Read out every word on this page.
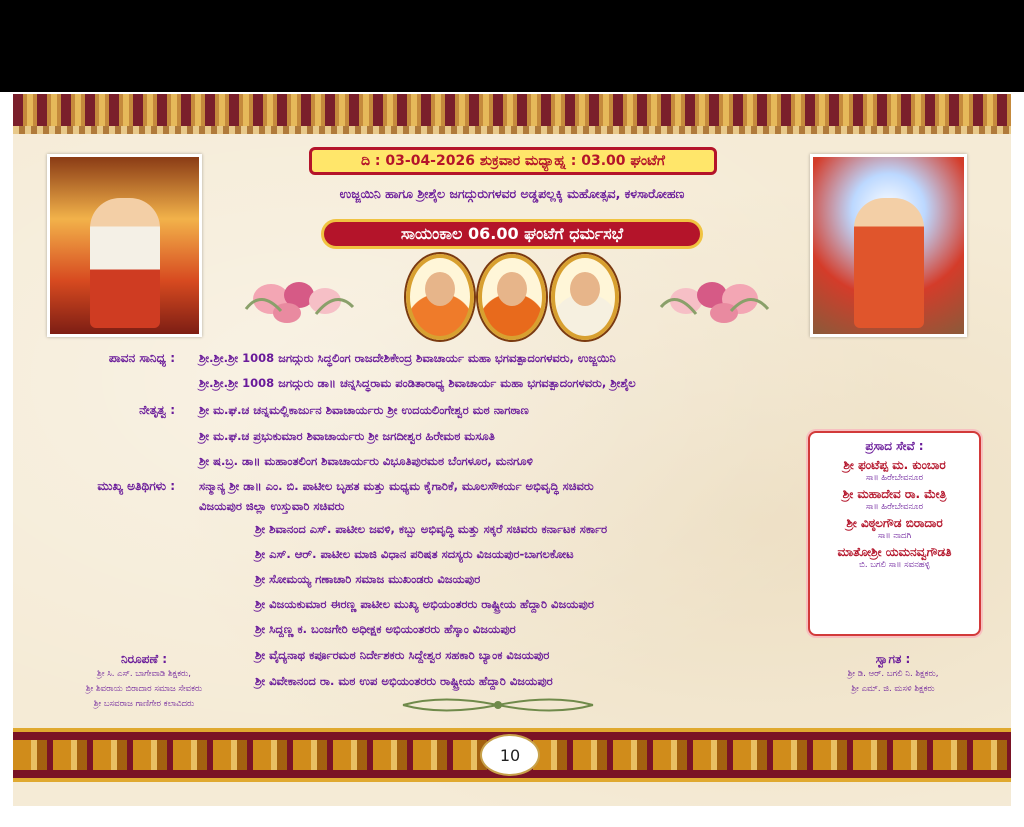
ದಿ : 03-04-2026 ಶುಕ್ರವಾರ ಮಧ್ಯಾಹ್ನ : 03.00 ಘಂಟೆಗೆ
ಉಜ್ಜಯಿನಿ ಹಾಗೂ ಶ್ರೀಶೈಲ ಜಗದ್ಗುರುಗಳವರ ಅಡ್ಡಪಲ್ಲಕ್ಕಿ ಮಹೋತ್ಸವ, ಕಳಸಾರೋಹಣ
ಸಾಯಂಕಾಲ 06.00 ಘಂಟೆಗೆ ಧರ್ಮಸಭೆ
ಪಾವನ ಸಾನಿಧ್ಯ : ಶ್ರೀ.ಶ್ರೀ.ಶ್ರೀ 1008 ಜಗದ್ಗುರು ಸಿದ್ಧಲಿಂಗ ರಾಜದೇಶಿಕೇಂದ್ರ ಶಿವಾಚಾರ್ಯ ಮಹಾ ಭಗವತ್ಪಾದಂಗಳವರು, ಉಜ್ಜಯಿನಿ
ಶ್ರೀ.ಶ್ರೀ.ಶ್ರೀ 1008 ಜಗದ್ಗುರು ಡಾ॥ ಚನ್ನಸಿದ್ಧರಾಮ ಪಂಡಿತಾರಾಧ್ಯ ಶಿವಾಚಾರ್ಯ ಮಹಾ ಭಗವತ್ಪಾದಂಗಳವರು, ಶ್ರೀಶೈಲ
ನೇತೃತ್ವ : ಶ್ರೀ ಮ.ಘ.ಚ ಚನ್ನಮಲ್ಲಿಕಾರ್ಜುನ ಶಿವಾಚಾರ್ಯರು ಶ್ರೀ ಉದಯಲಿಂಗೇಶ್ವರ ಮಠ ನಾಗಠಾಣ
ಶ್ರೀ ಮ.ಘ.ಚ ಪ್ರಭುಕುಮಾರ ಶಿವಾಚಾರ್ಯರು ಶ್ರೀ ಜಗದೀಶ್ವರ ಹಿರೇಮಠ ಮಸೂತಿ
ಶ್ರೀ ಷ.ಬ್ರ. ಡಾ॥ ಮಹಾಂತಲಿಂಗ ಶಿವಾಚಾರ್ಯರು ವಿಭೂತಿಪುರಮಠ ಬೆಂಗಳೂರ, ಮನಗೂಳಿ
ಮುಖ್ಯ ಅತಿಥಿಗಳು : ಸನ್ಮಾನ್ಯ ಶ್ರೀ ಡಾ॥ ಎಂ. ಬಿ. ಪಾಟೀಲ ಬೃಹತ ಮತ್ತು ಮಧ್ಯಮ ಕೈಗಾರಿಕೆ, ಮೂಲಸೌಕರ್ಯ ಅಭಿವೃದ್ಧಿ ಸಚಿವರು
ವಿಜಯಪುರ ಜಿಲ್ಲಾ ಉಸ್ತುವಾರಿ ಸಚಿವರು
ಶ್ರೀ ಶಿವಾನಂದ ಎಸ್. ಪಾಟೀಲ ಜವಳಿ, ಕಬ್ಬು ಅಭಿವೃದ್ಧಿ ಮತ್ತು ಸಕ್ಕರೆ ಸಚಿವರು ಕರ್ನಾಟಕ ಸರ್ಕಾರ
ಶ್ರೀ ಎಸ್. ಆರ್. ಪಾಟೀಲ ಮಾಜಿ ವಿಧಾನ ಪರಿಷತ ಸದಸ್ಯರು ವಿಜಯಪುರ-ಬಾಗಲಕೋಟ
ಶ್ರೀ ಸೋಮಯ್ಯ ಗಣಾಚಾರಿ ಸಮಾಜ ಮುಖಂಡರು ವಿಜಯಪುರ
ಶ್ರೀ ವಿಜಯಕುಮಾರ ಈರಣ್ಣ ಪಾಟೀಲ ಮುಖ್ಯ ಅಭಿಯಂತರರು ರಾಷ್ಟ್ರೀಯ ಹೆದ್ದಾರಿ ವಿಜಯಪುರ
ಶ್ರೀ ಸಿದ್ದಣ್ಣ ಕ. ಬಂಜಗೇರಿ ಅಧೀಕ್ಷಕ ಅಭಿಯಂತರರು ಹೆಸ್ಕಾಂ ವಿಜಯಪುರ
ಶ್ರೀ ವೈದ್ಯನಾಥ ಕರ್ಪೂರಮಠ ನಿರ್ದೇಶಕರು ಸಿದ್ದೇಶ್ವರ ಸಹಕಾರಿ ಬ್ಯಾಂಕ ವಿಜಯಪುರ
ಶ್ರೀ ವಿವೇಕಾನಂದ ರಾ. ಮಠ ಉಪ ಅಭಿಯಂತರರು ರಾಷ್ಟ್ರೀಯ ಹೆದ್ದಾರಿ ವಿಜಯಪುರ
ಪ್ರಸಾದ ಸೇವೆ :
ಶ್ರೀ ಫಂಟೆಪ್ಪ ಮ. ಕುಂಬಾರ
ಸಾ॥ ಹಿರೇಬೇವನೂರ
ಶ್ರೀ ಮಹಾದೇವ ರಾ. ಮೇತ್ರಿ
ಸಾ॥ ಹಿರೇಬೇವನೂರ
ಶ್ರೀ ವಿಠ್ಠಲಗೌಡ ಬಿರಾದಾರ
ಸಾ॥ ನಾದಗಿ
ಮಾತೋಶ್ರೀ ಯಮನವ್ವಗೌಡತಿ
ಬಿ. ಬಗಲಿ ಸಾ॥ ಸವನಹಳ್ಳಿ
ನಿರೂಪಣೆ :
ಶ್ರೀ ಸಿ. ಎಸ್. ಬಾಗೇವಾಡಿ ಶಿಕ್ಷಕರು,
ಶ್ರೀ ಶಿವರಾಯ ಬಿರಾದಾರ ಸಮಾಜ ಸೇವಕರು
ಶ್ರೀ ಬಸವರಾಜ ಗಾಣಿಗೇರ ಕಲಾವಿದರು
ಸ್ವಾಗತ :
ಶ್ರೀ ಡಿ. ಆರ್. ಬಗಲಿ ನಿ. ಶಿಕ್ಷಕರು,
ಶ್ರೀ ಎಮ್. ಜಿ. ಮಸಳಿ ಶಿಕ್ಷಕರು
10
